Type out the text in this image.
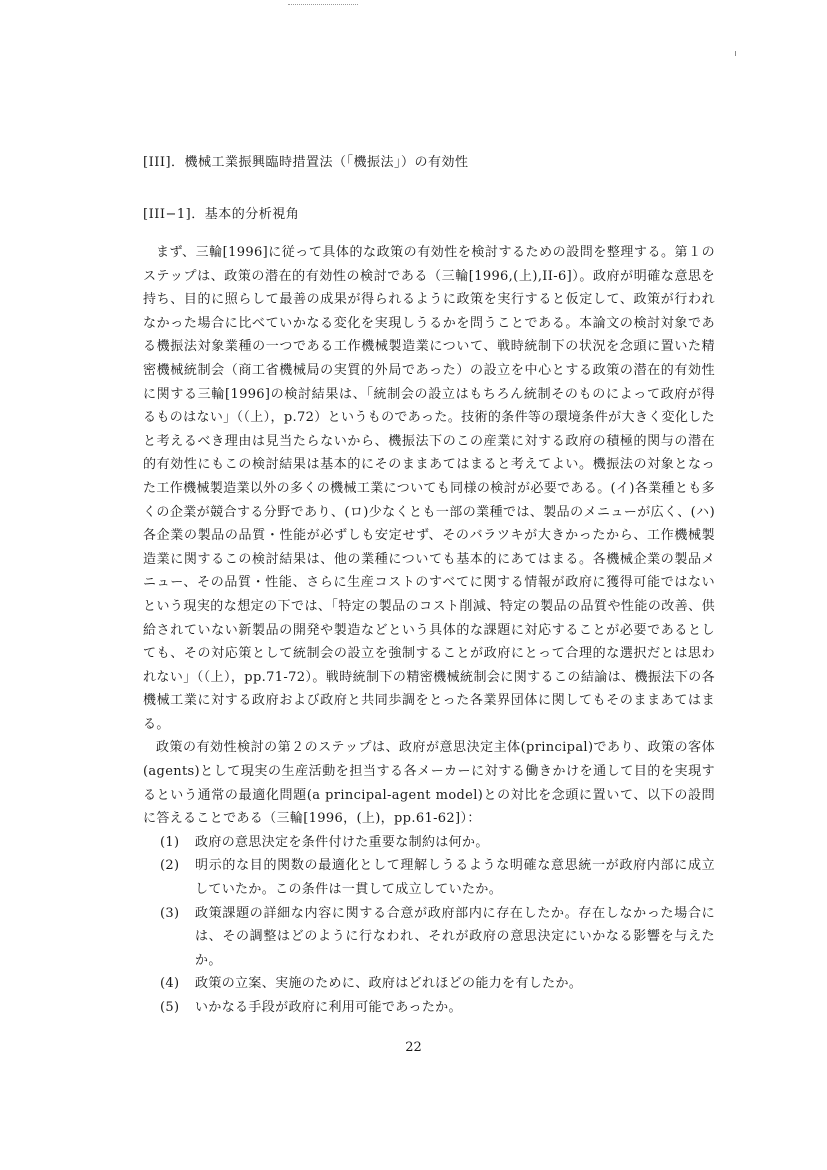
[III]．機械工業振興臨時措置法（「機振法」）の有効性
[III−1]．基本的分析視角

まず、三輪[1996]に従って具体的な政策の有効性を検討するための設問を整理する。第１のステップは、政策の潜在的有効性の検討である（三輪[1996,(上),II-6]）。政府が明確な意思を持ち、目的に照らして最善の成果が得られるように政策を実行すると仮定して、政策が行われなかった場合に比べていかなる変化を実現しうるかを問うことである。本論文の検討対象である機振法対象業種の一つである工作機械製造業について、戦時統制下の状況を念頭に置いた精密機械統制会（商工省機械局の実質的外局であった）の設立を中心とする政策の潜在的有効性に関する三輪[1996]の検討結果は、「統制会の設立はもちろん統制そのものによって政府が得るものはない」（（上），p.72）というものであった。技術的条件等の環境条件が大きく変化したと考えるべき理由は見当たらないから、機振法下のこの産業に対する政府の積極的関与の潜在的有効性にもこの検討結果は基本的にそのままあてはまると考えてよい。機振法の対象となった工作機械製造業以外の多くの機械工業についても同様の検討が必要である。(イ)各業種とも多くの企業が競合する分野であり、(ロ)少なくとも一部の業種では、製品のメニューが広く、(ハ)各企業の製品の品質・性能が必ずしも安定せず、そのバラツキが大きかったから、工作機械製造業に関するこの検討結果は、他の業種についても基本的にあてはまる。各機械企業の製品メニュー、その品質・性能、さらに生産コストのすべてに関する情報が政府に獲得可能ではないという現実的な想定の下では、「特定の製品のコスト削減、特定の製品の品質や性能の改善、供給されていない新製品の開発や製造などという具体的な課題に対応することが必要であるとしても、その対応策として統制会の設立を強制することが政府にとって合理的な選択だとは思われない」（（上），pp.71-72）。戦時統制下の精密機械統制会に関するこの結論は、機振法下の各機械工業に対する政府および政府と共同歩調をとった各業界団体に関してもそのままあてはまる。

政策の有効性検討の第２のステップは、政府が意思決定主体(principal)であり、政策の客体(agents)として現実の生産活動を担当する各メーカーに対する働きかけを通して目的を実現するという通常の最適化問題(a principal-agent model)との対比を念頭に置いて、以下の設問に答えることである（三輪[1996，(上)，pp.61-62]）：

(1) 政府の意思決定を条件付けた重要な制約は何か。
(2) 明示的な目的関数の最適化として理解しうるような明確な意思統一が政府内部に成立していたか。この条件は一貫して成立していたか。
(3) 政策課題の詳細な内容に関する合意が政府部内に存在したか。存在しなかった場合には、その調整はどのように行なわれ、それが政府の意思決定にいかなる影響を与えたか。
(4) 政策の立案、実施のために、政府はどれほどの能力を有したか。
(5) いかなる手段が政府に利用可能であったか。
22
